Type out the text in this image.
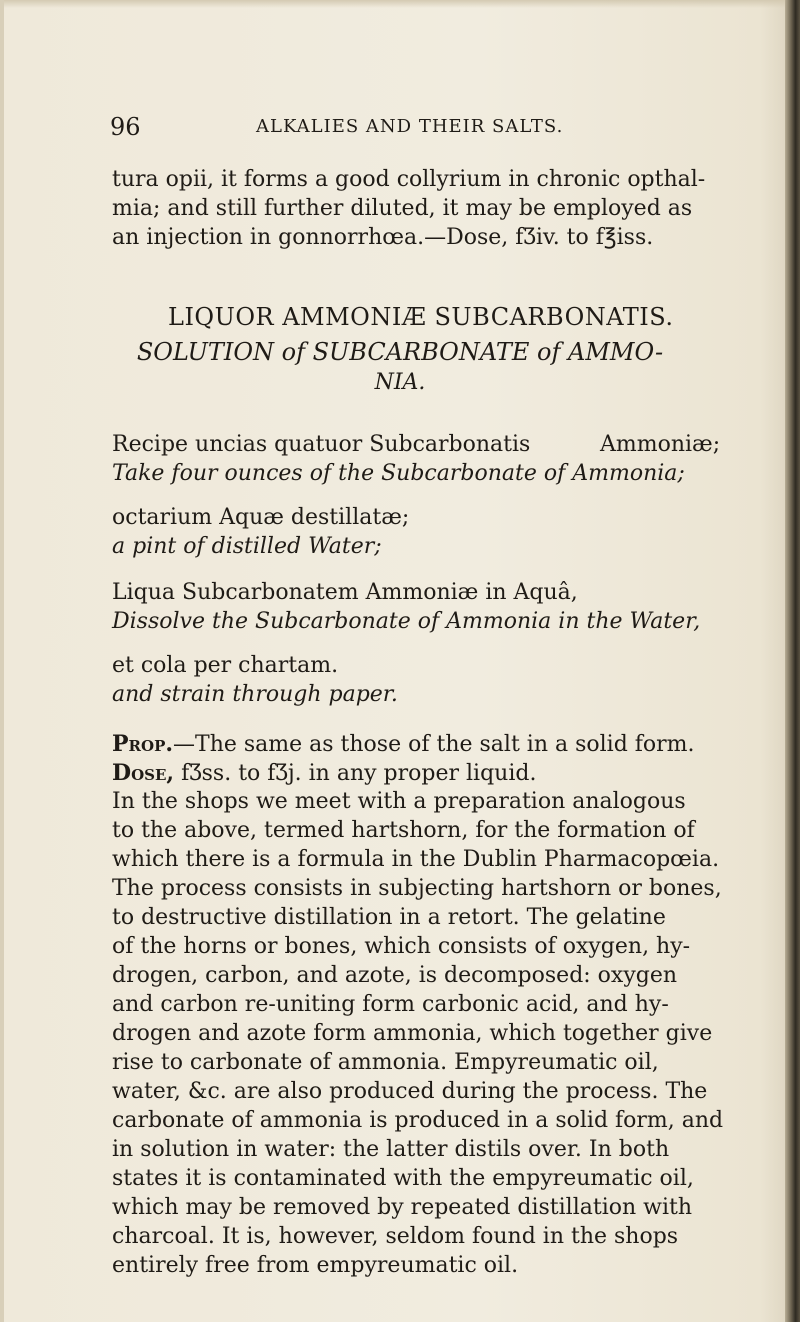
96	ALKALIES AND THEIR SALTS.
tura opii, it forms a good collyrium in chronic opthal-
mia; and still further diluted, it may be employed as
an injection in gonnorrhœa.—Dose, fƷiv. to f℥iss.
LIQUOR AMMONIÆ SUBCARBONATIS.
SOLUTION of SUBCARBONATE of AMMO-
NIA.
Recipe uncias quatuor Subcarbonatis	Ammoniæ;
Take four ounces of the Subcarbonate of Ammonia;
octarium Aquæ destillatæ;
a pint of distilled Water;
Liqua Subcarbonatem Ammoniæ in Aquâ,
Dissolve the Subcarbonate of Ammonia in the Water,
et cola per chartam.
and strain through paper.
Prop.—The same as those of the salt in a solid form.
Dose, fƷss. to fƷj. in any proper liquid.
In the shops we meet with a preparation analogous
to the above, termed hartshorn, for the formation of
which there is a formula in the Dublin Pharmacopœia.
The process consists in subjecting hartshorn or bones,
to destructive distillation in a retort. The gelatine
of the horns or bones, which consists of oxygen, hy-
drogen, carbon, and azote, is decomposed: oxygen
and carbon re-uniting form carbonic acid, and hy-
drogen and azote form ammonia, which together give
rise to carbonate of ammonia. Empyreumatic oil,
water, &c. are also produced during the process. The
carbonate of ammonia is produced in a solid form, and
in solution in water: the latter distils over. In both
states it is contaminated with the empyreumatic oil,
which may be removed by repeated distillation with
charcoal. It is, however, seldom found in the shops
entirely free from empyreumatic oil.
